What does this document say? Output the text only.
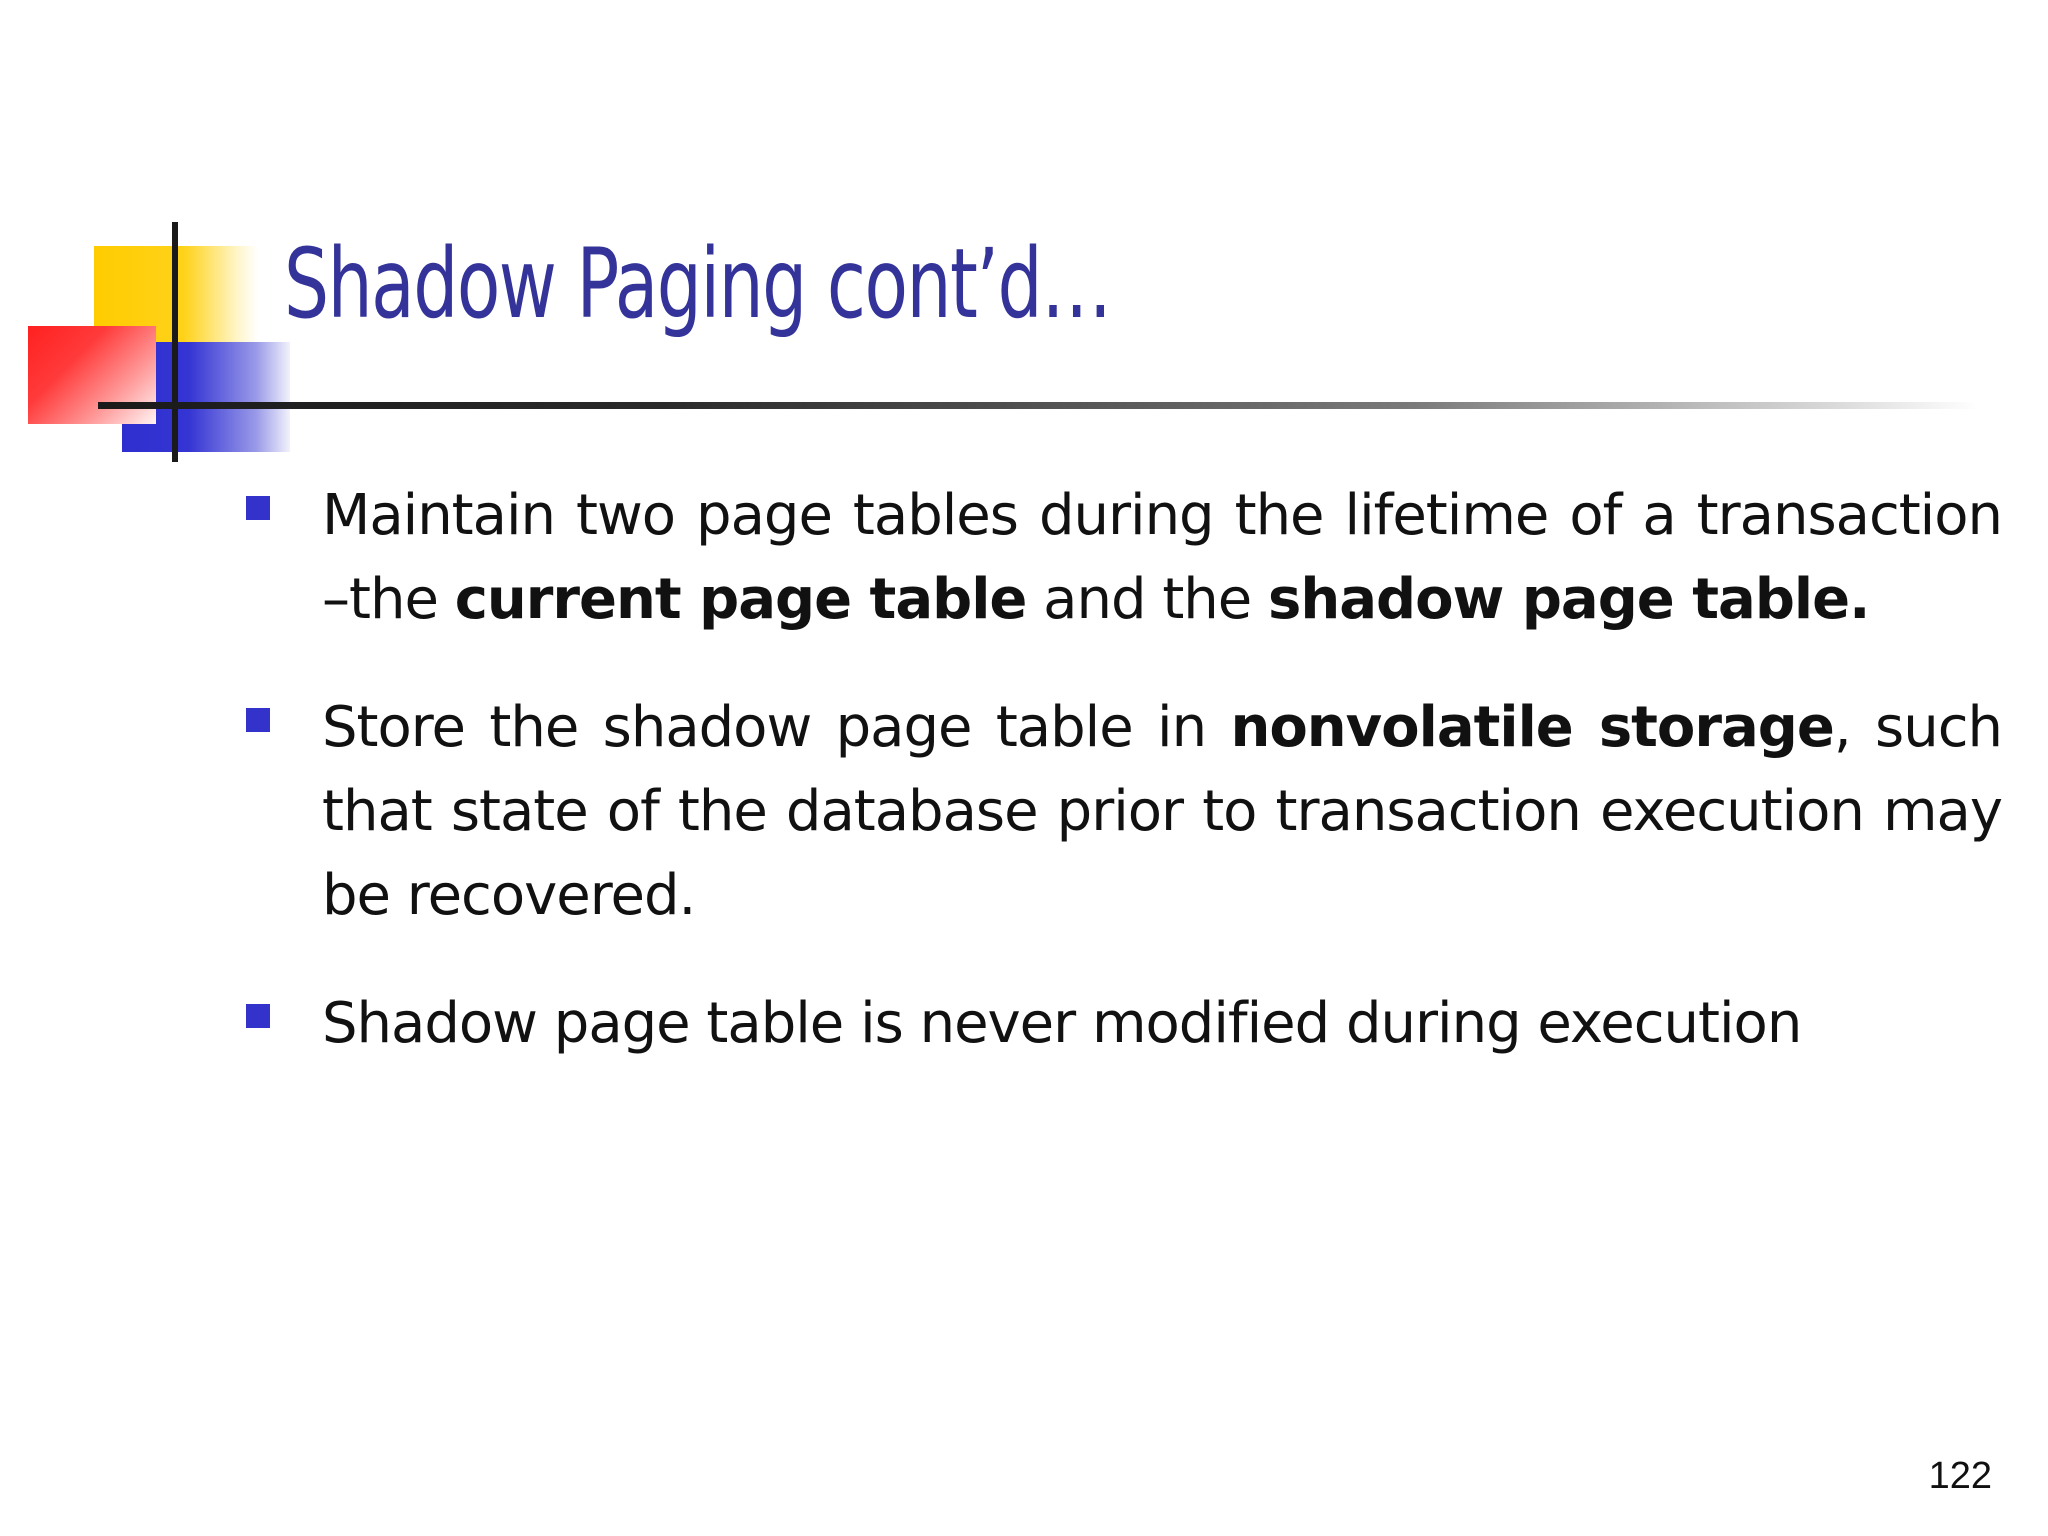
Shadow Paging cont’d…
Maintain two page tables during the lifetime of a transaction –the current page table and the shadow page table.
Store the shadow page table in nonvolatile storage, such that state of the database prior to transaction execution may be recovered.
Shadow page table is never modified during execution
122
